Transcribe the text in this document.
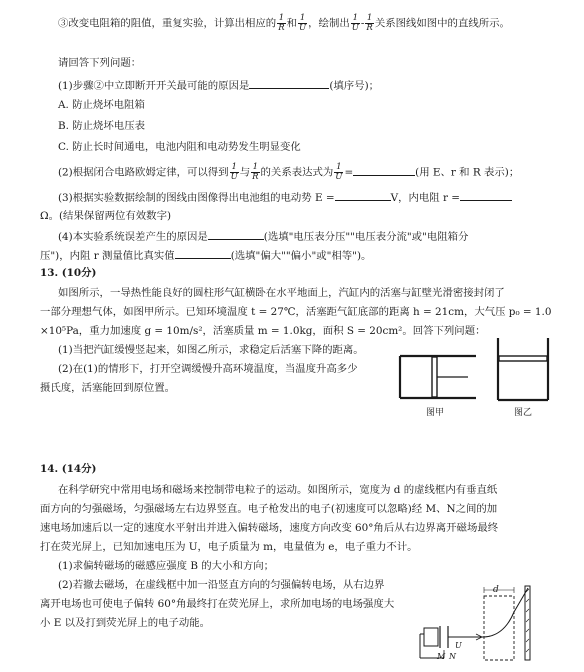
③改变电阻箱的阻值，重复实验，计算出相应的 $\frac{1}{R}$ 和 $\frac{1}{U}$ ，绘制出 $\frac{1}{U} - \frac{1}{R}$ 关系图线如图中的直线所示。
请回答下列问题：
(1)步骤②中立即断开开关最可能的原因是	(填序号)；
A. 防止烧坏电阻箱
B. 防止烧坏电压表
C. 防止长时间通电，电池内阻和电动势发生明显变化
(2)根据闭合电路欧姆定律，可以得到 $\frac{1}{U}$ 与 $\frac{1}{R}$ 的关系表达式为 $\frac{1}{U}$ =	(用 E、r 和 R 表示)；
(3)根据实验数据绘制的图线由图像得出电池组的电动势 E =	V，内电阻 r =
Ω。(结果保留两位有效数字)
(4)本实验系统误差产生的原因是	(选填"电压表分压""电压表分流"或"电阻箱分
压")，内阻 r 测量值比真实值	(选填"偏大""偏小"或"相等")。
13. (10分)
如图所示，一导热性能良好的圆柱形气缸横卧在水平地面上，汽缸内的活塞与缸壁光滑密接封闭了
一部分理想气体，如图甲所示。已知环境温度 t = 27℃，活塞距气缸底部的距离 h = 21cm，大气压 p₀ = 1.0
×10⁵Pa，重力加速度 g = 10m/s²，活塞质量 m = 1.0kg，面积 S = 20cm²。回答下列问题：
(1)当把汽缸缓慢竖起来，如图乙所示，求稳定后活塞下降的距离。
(2)在(1)的情形下，打开空调缓慢升高环境温度，当温度升高多少
摄氏度，活塞能回到原位置。
图甲	图乙
14. (14分)
在科学研究中常用电场和磁场来控制带电粒子的运动。如图所示，宽度为 d 的虚线框内有垂直纸
面方向的匀强磁场，匀强磁场左右边界竖直。电子枪发出的电子(初速度可以忽略)经 M、N之间的加
速电场加速后以一定的速度水平射出并进入偏转磁场，速度方向改变 60°角后从右边界离开磁场最终
打在荧光屏上，已知加速电压为 U，电子质量为 m，电量值为 e，电子重力不计。
(1)求偏转磁场的磁感应强度 B 的大小和方向；
(2)若撤去磁场，在虚线框中加一沿竖直方向的匀强偏转电场，从右边界
离开电场也可使电子偏转 60°角最终打在荧光屏上，求所加电场的电场强度大
小 E 以及打到荧光屏上的电子动能。
d
M N
U
